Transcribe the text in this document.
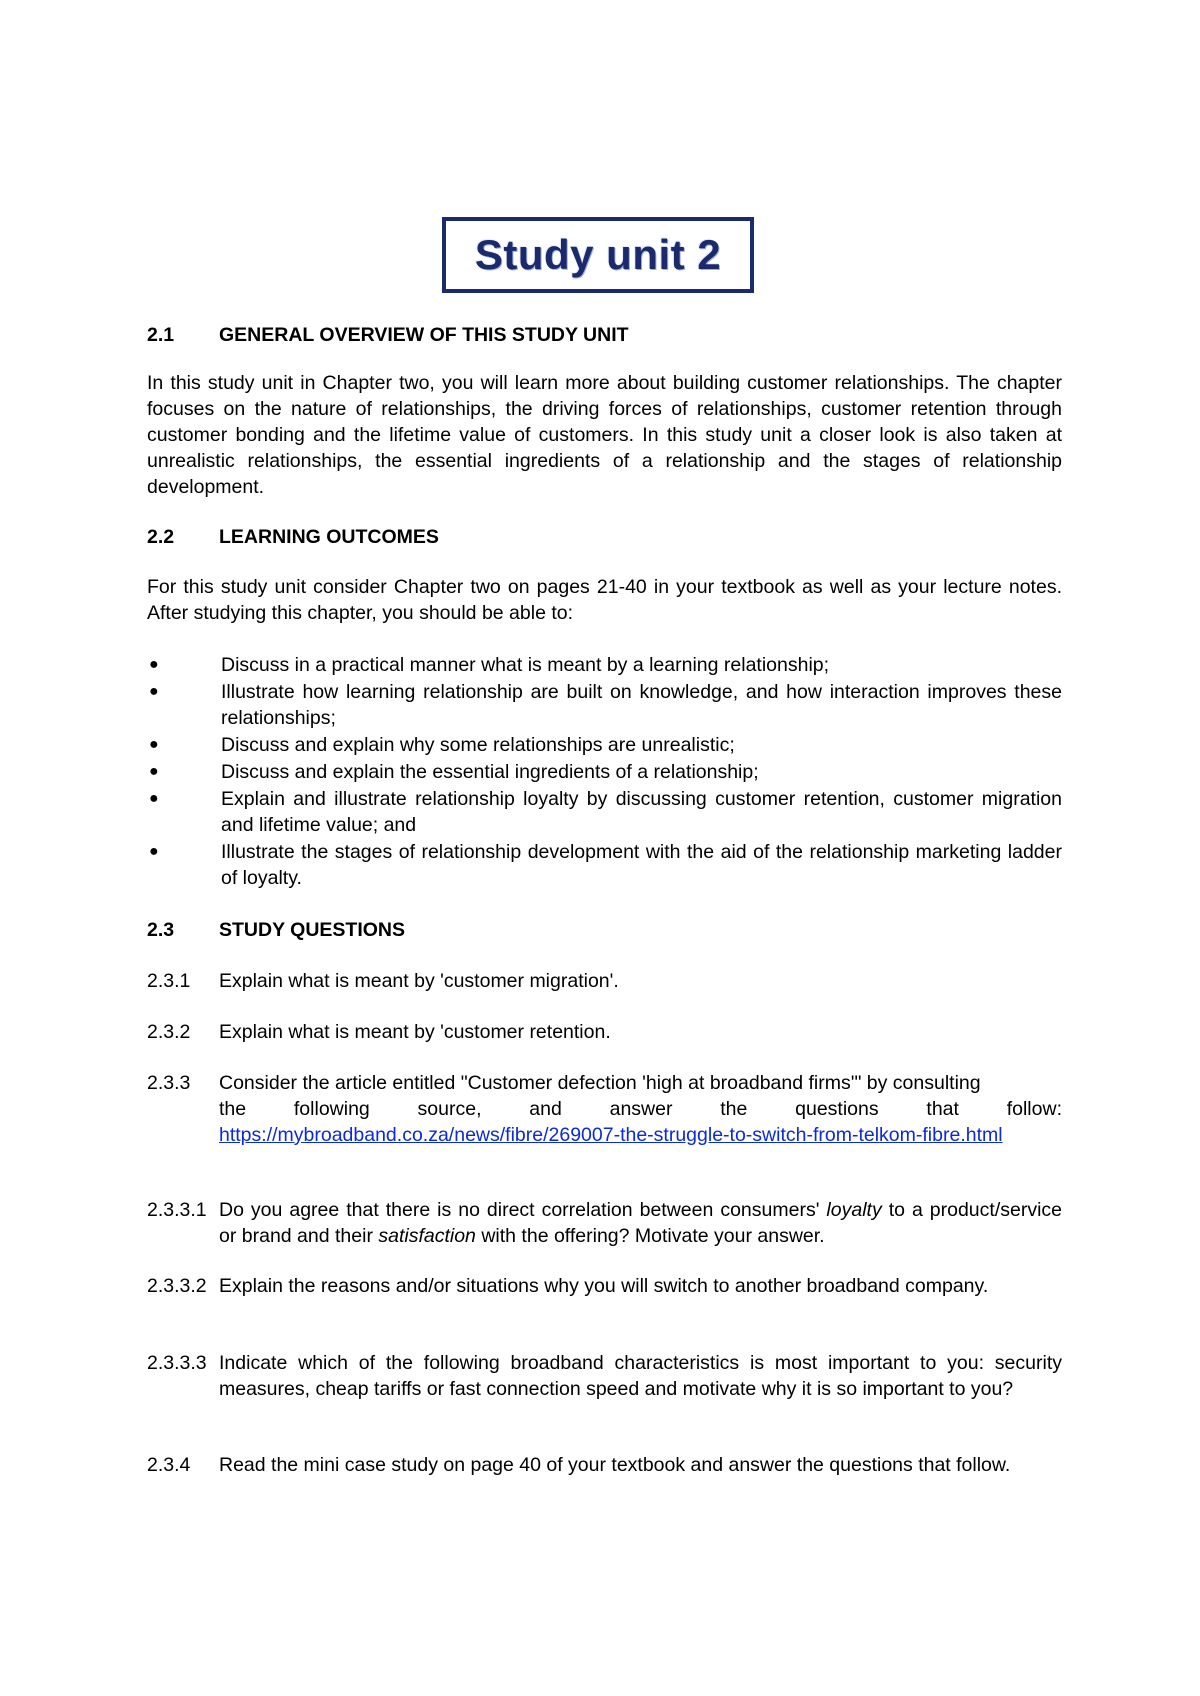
Study unit 2
2.1	GENERAL OVERVIEW OF THIS STUDY UNIT
In this study unit in Chapter two, you will learn more about building customer relationships. The chapter focuses on the nature of relationships, the driving forces of relationships, customer retention through customer bonding and the lifetime value of customers. In this study unit a closer look is also taken at unrealistic relationships, the essential ingredients of a relationship and the stages of relationship development.
2.2	LEARNING OUTCOMES
For this study unit consider Chapter two on pages 21-40 in your textbook as well as your lecture notes. After studying this chapter, you should be able to:
●	Discuss in a practical manner what is meant by a learning relationship;
●	Illustrate how learning relationship are built on knowledge, and how interaction improves these relationships;
●	Discuss and explain why some relationships are unrealistic;
●	Discuss and explain the essential ingredients of a relationship;
●	Explain and illustrate relationship loyalty by discussing customer retention, customer migration and lifetime value; and
●	Illustrate the stages of relationship development with the aid of the relationship marketing ladder of loyalty.
2.3	STUDY QUESTIONS
2.3.1	Explain what is meant by 'customer migration'.
2.3.2	Explain what is meant by 'customer retention.
2.3.3	Consider the article entitled "Customer defection 'high at broadband firms'" by consulting
the following source, and answer the questions that follow:
https://mybroadband.co.za/news/fibre/269007-the-struggle-to-switch-from-telkom-fibre.html
2.3.3.1 Do you agree that there is no direct correlation between consumers' loyalty to a product/service or brand and their satisfaction with the offering? Motivate your answer.
2.3.3.2 Explain the reasons and/or situations why you will switch to another broadband company.
2.3.3.3 Indicate which of the following broadband characteristics is most important to you: security measures, cheap tariffs or fast connection speed and motivate why it is so important to you?
2.3.4	Read the mini case study on page 40 of your textbook and answer the questions that follow.
